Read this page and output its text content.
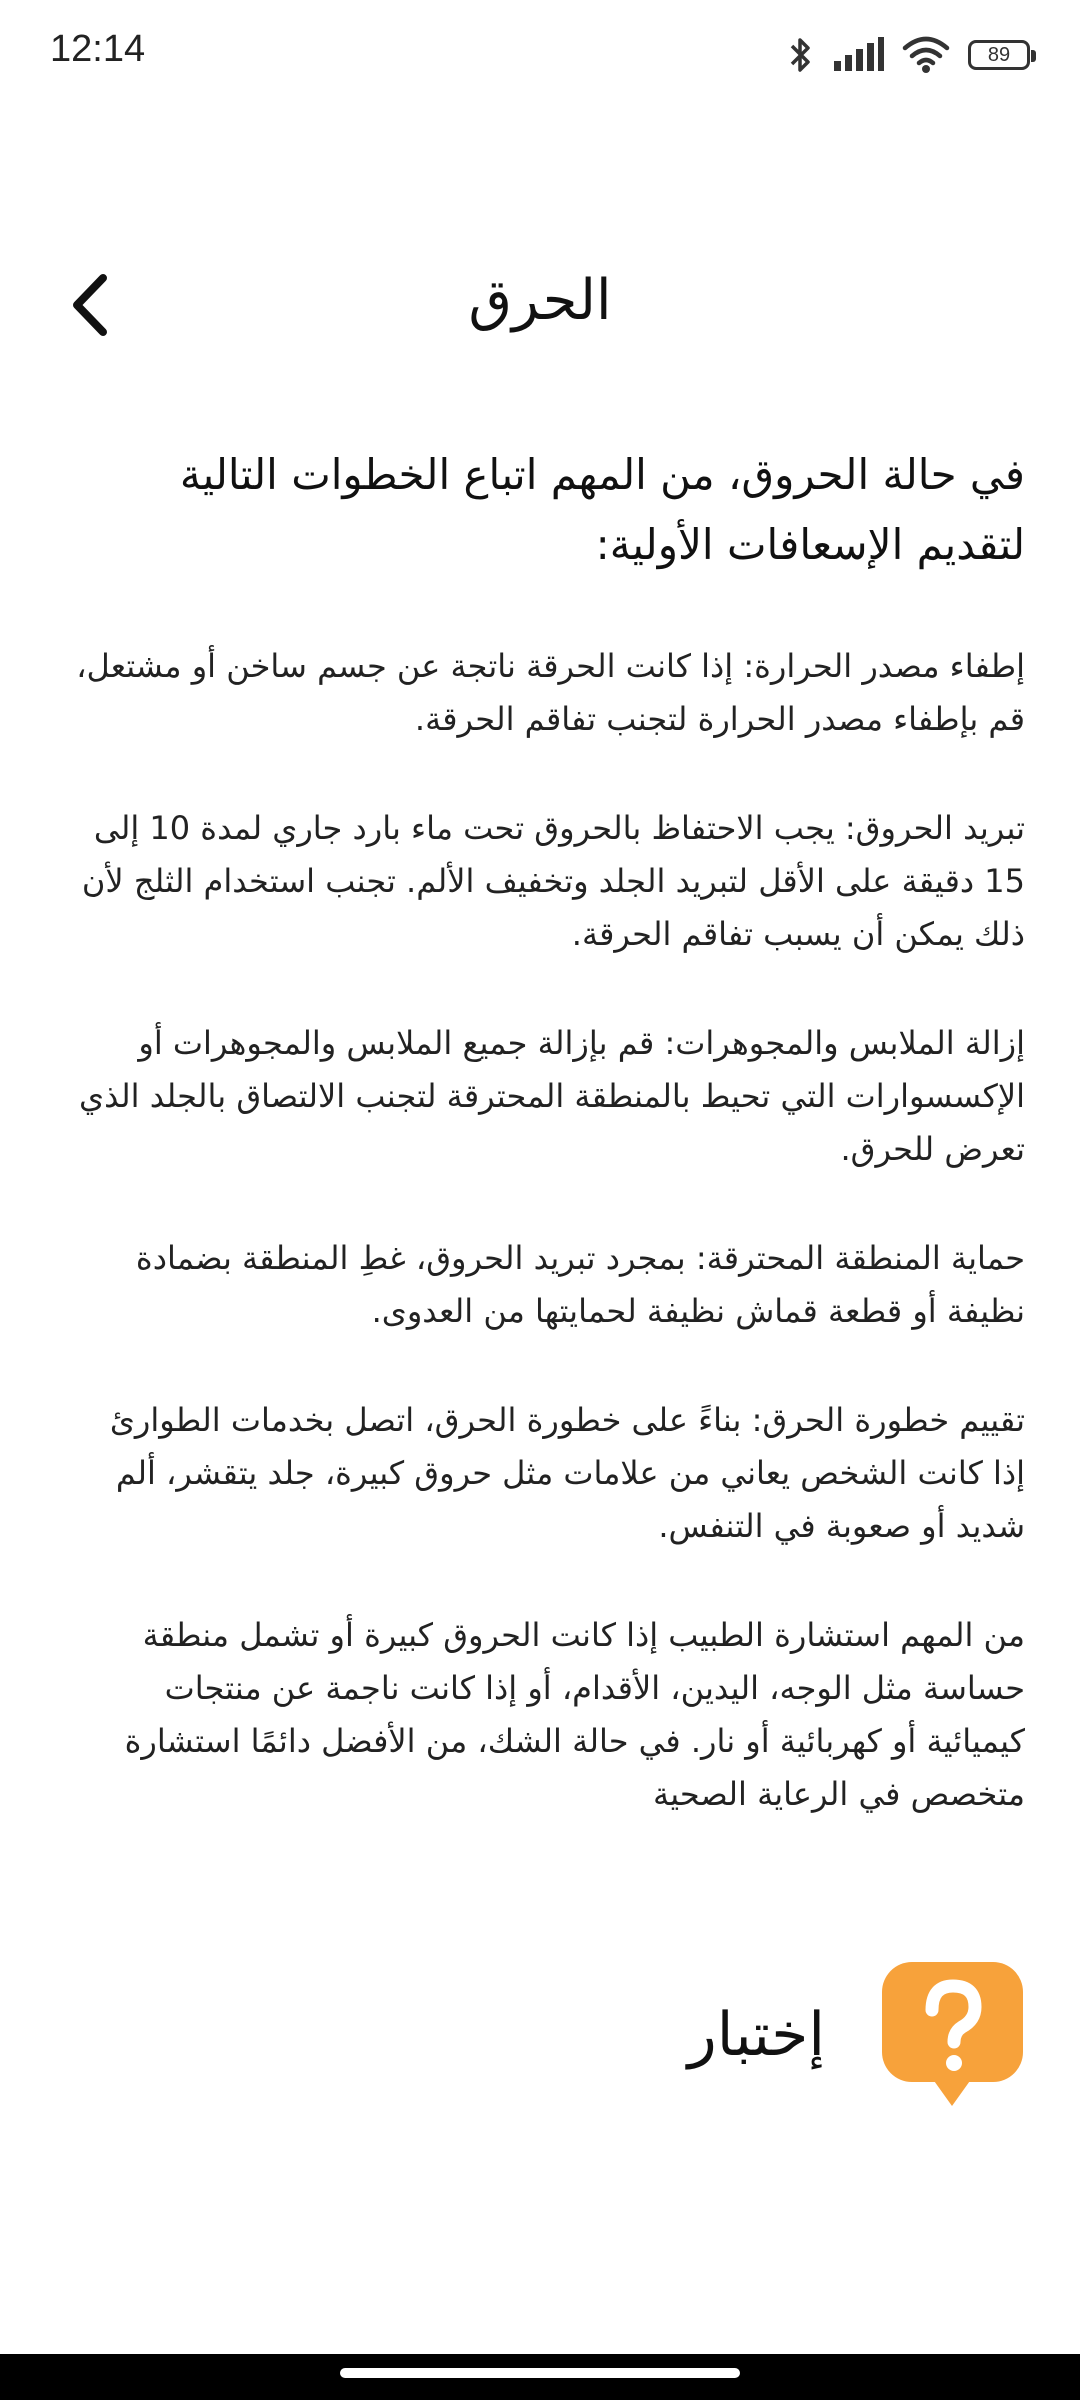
12:14	89
الحرق

في حالة الحروق، من المهم اتباع الخطوات التالية لتقديم الإسعافات الأولية:

إطفاء مصدر الحرارة: إذا كانت الحرقة ناتجة عن جسم ساخن أو مشتعل، قم بإطفاء مصدر الحرارة لتجنب تفاقم الحرقة.

تبريد الحروق: يجب الاحتفاظ بالحروق تحت ماء بارد جاري لمدة 10 إلى 15 دقيقة على الأقل لتبريد الجلد وتخفيف الألم. تجنب استخدام الثلج لأن ذلك يمكن أن يسبب تفاقم الحرقة.

إزالة الملابس والمجوهرات: قم بإزالة جميع الملابس والمجوهرات أو الإكسسوارات التي تحيط بالمنطقة المحترقة لتجنب الالتصاق بالجلد الذي تعرض للحرق.

حماية المنطقة المحترقة: بمجرد تبريد الحروق، غطِ المنطقة بضمادة نظيفة أو قطعة قماش نظيفة لحمايتها من العدوى.

تقييم خطورة الحرق: بناءً على خطورة الحرق، اتصل بخدمات الطوارئ إذا كانت الشخص يعاني من علامات مثل حروق كبيرة، جلد يتقشر، ألم شديد أو صعوبة في التنفس.

من المهم استشارة الطبيب إذا كانت الحروق كبيرة أو تشمل منطقة حساسة مثل الوجه، اليدين، الأقدام، أو إذا كانت ناجمة عن منتجات كيميائية أو كهربائية أو نار. في حالة الشك، من الأفضل دائمًا استشارة متخصص في الرعاية الصحية

إختبار
